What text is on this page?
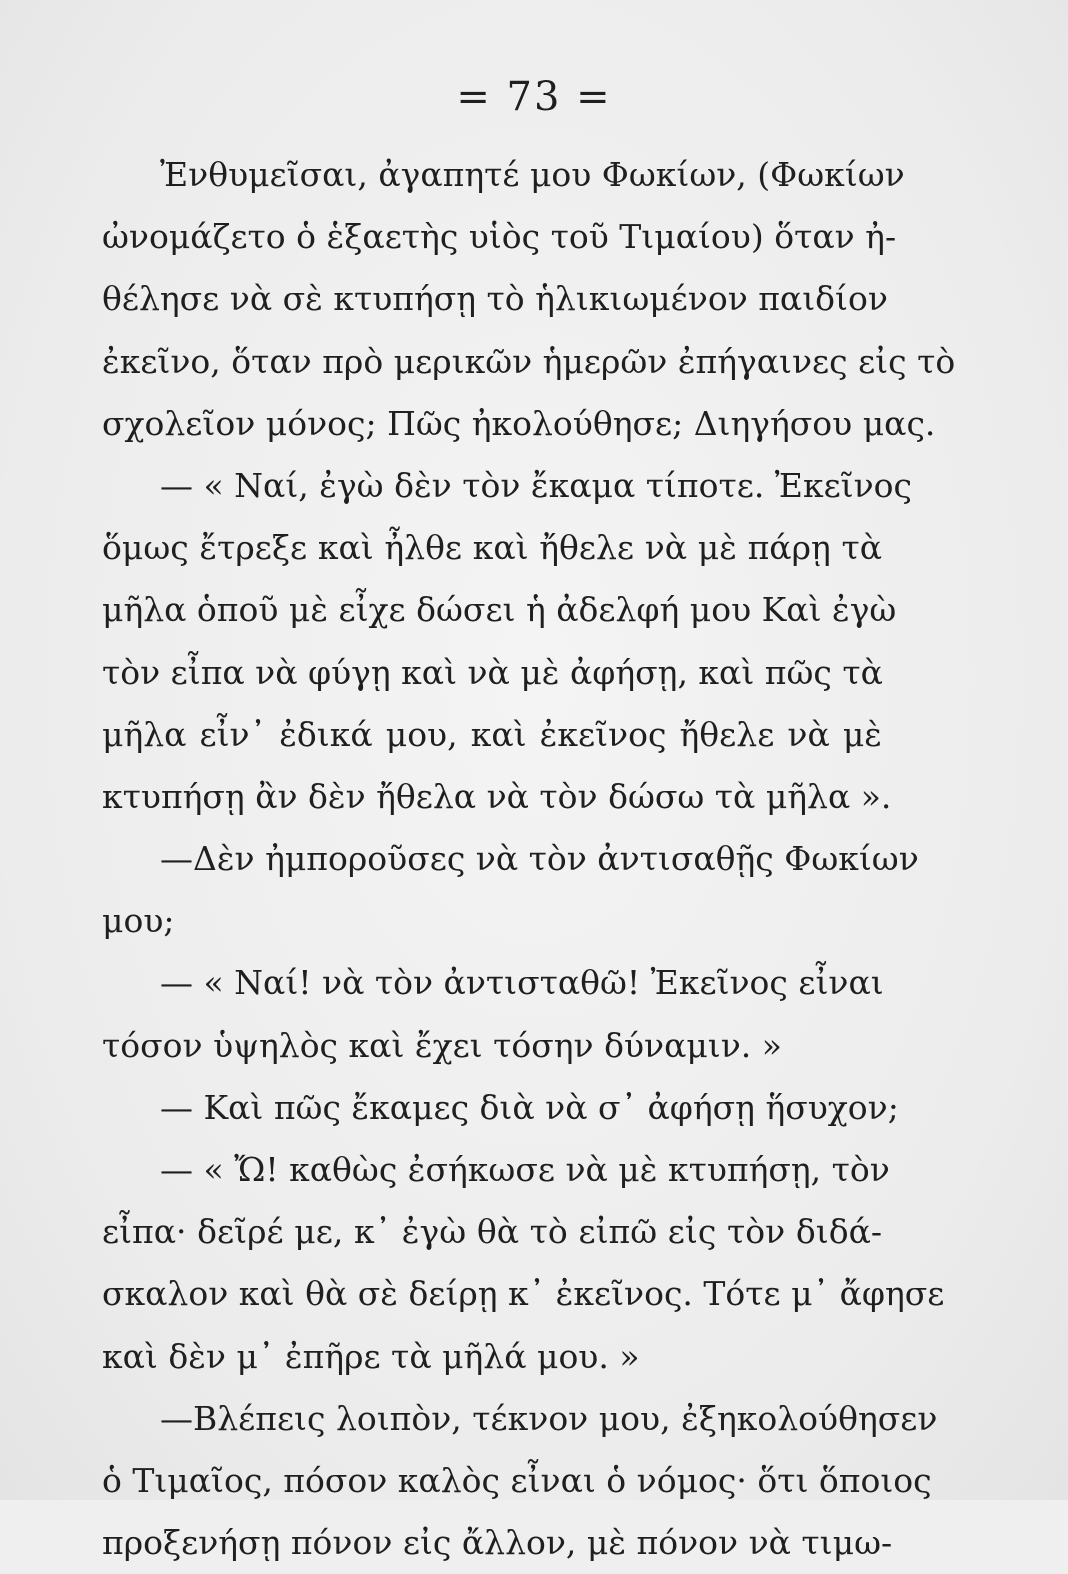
= 73 =
Ἐνθυμεῖσαι, ἀγαπητέ μου Φωκίων, (Φωκίων
ὠνομάζετο ὁ ἑξαετὴς υἱὸς τοῦ Τιμαίου) ὅταν ἠ-
θέλησε νὰ σὲ κτυπήσῃ τὸ ἡλικιωμένον παιδίον
ἐκεῖνο, ὅταν πρὸ μερικῶν ἡμερῶν ἐπήγαινες εἰς τὸ
σχολεῖον μόνος; Πῶς ἠκολούθησε; Διηγήσου μας.
— « Ναί, ἐγὼ δὲν τὸν ἔκαμα τίποτε. Ἐκεῖνος
ὅμως ἔτρεξε καὶ ἦλθε καὶ ἤθελε νὰ μὲ πάρῃ τὰ
μῆλα ὁποῦ μὲ εἶχε δώσει ἡ ἀδελφή μου Καὶ ἐγὼ
τὸν εἶπα νὰ φύγῃ καὶ νὰ μὲ ἀφήσῃ, καὶ πῶς τὰ
μῆλα εἶν᾽ ἐδικά μου, καὶ ἐκεῖνος ἤθελε νὰ μὲ
κτυπήσῃ ἂν δὲν ἤθελα νὰ τὸν δώσω τὰ μῆλα ».
—Δὲν ἠμποροῦσες νὰ τὸν ἀντισαθῇς Φωκίων
μου;
— « Ναί! νὰ τὸν ἀντισταθῶ! Ἐκεῖνος εἶναι
τόσον ὑψηλὸς καὶ ἔχει τόσην δύναμιν. »
— Καὶ πῶς ἔκαμες διὰ νὰ σ᾽ ἀφήσῃ ἥσυχον;
— « Ὤ! καθὼς ἐσήκωσε νὰ μὲ κτυπήσῃ, τὸν
εἶπα· δεῖρέ με, κ᾽ ἐγὼ θὰ τὸ εἰπῶ εἰς τὸν διδά-
σκαλον καὶ θὰ σὲ δείρῃ κ᾽ ἐκεῖνος. Τότε μ᾽ ἄφησε
καὶ δὲν μ᾽ ἐπῆρε τὰ μῆλά μου. »
—Βλέπεις λοιπὸν, τέκνον μου, ἐξηκολούθησεν
ὁ Τιμαῖος, πόσον καλὸς εἶναι ὁ νόμος· ὅτι ὅποιος
προξενήσῃ πόνον εἰς ἄλλον, μὲ πόνον νὰ τιμω-
